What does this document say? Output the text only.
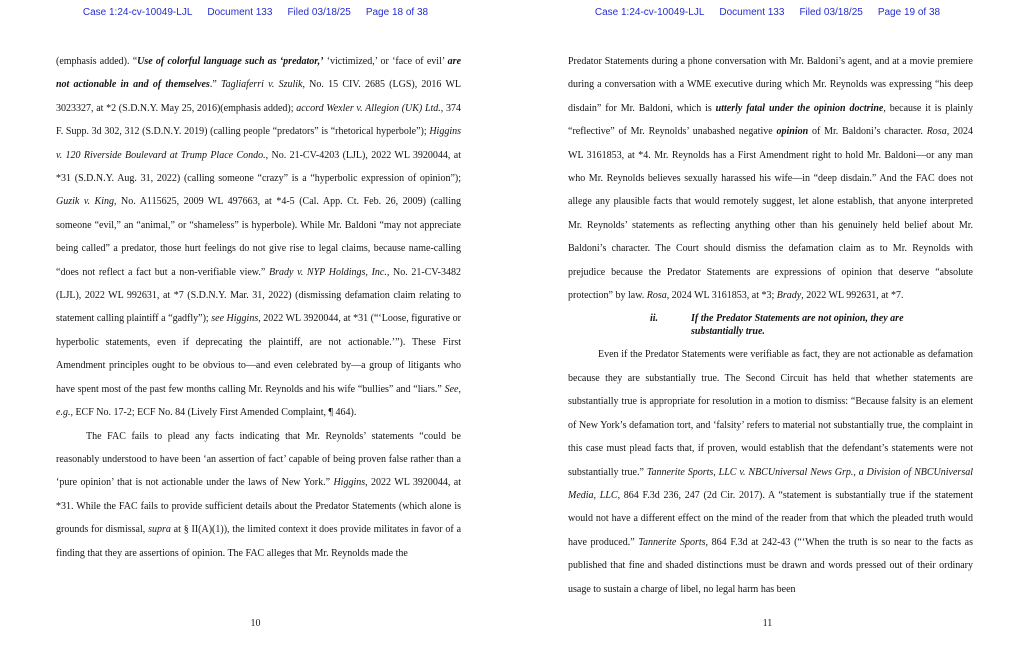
Case 1:24-cv-10049-LJL Document 133 Filed 03/18/25 Page 18 of 38

(emphasis added). “Use of colorful language such as ‘predator,’ ‘victimized,’ or ‘face of evil’ are not actionable in and of themselves.” Tagliaferri v. Szulik, No. 15 CIV. 2685 (LGS), 2016 WL 3023327, at *2 (S.D.N.Y. May 25, 2016)(emphasis added); accord Wexler v. Allegion (UK) Ltd., 374 F. Supp. 3d 302, 312 (S.D.N.Y. 2019) (calling people “predators” is “rhetorical hyperbole”); Higgins v. 120 Riverside Boulevard at Trump Place Condo., No. 21-CV-4203 (LJL), 2022 WL 3920044, at *31 (S.D.N.Y. Aug. 31, 2022) (calling someone “crazy” is a “hyperbolic expression of opinion”); Guzik v. King, No. A115625, 2009 WL 497663, at *4-5 (Cal. App. Ct. Feb. 26, 2009) (calling someone “evil,” an “animal,” or “shameless” is hyperbole). While Mr. Baldoni “may not appreciate being called” a predator, those hurt feelings do not give rise to legal claims, because name-calling “does not reflect a fact but a non-verifiable view.” Brady v. NYP Holdings, Inc., No. 21-CV-3482 (LJL), 2022 WL 992631, at *7 (S.D.N.Y. Mar. 31, 2022) (dismissing defamation claim relating to statement calling plaintiff a “gadfly”); see Higgins, 2022 WL 3920044, at *31 (“‘Loose, figurative or hyperbolic statements, even if deprecating the plaintiff, are not actionable.’”). These First Amendment principles ought to be obvious to—and even celebrated by—a group of litigants who have spent most of the past few months calling Mr. Reynolds and his wife “bullies” and “liars.” See, e.g., ECF No. 17-2; ECF No. 84 (Lively First Amended Complaint, ¶ 464).

The FAC fails to plead any facts indicating that Mr. Reynolds’ statements “could be reasonably understood to have been ‘an assertion of fact’ capable of being proven false rather than a ‘pure opinion’ that is not actionable under the laws of New York.” Higgins, 2022 WL 3920044, at *31. While the FAC fails to provide sufficient details about the Predator Statements (which alone is grounds for dismissal, supra at § II(A)(1)), the limited context it does provide militates in favor of a finding that they are assertions of opinion. The FAC alleges that Mr. Reynolds made the

10
Case 1:24-cv-10049-LJL Document 133 Filed 03/18/25 Page 19 of 38

Predator Statements during a phone conversation with Mr. Baldoni’s agent, and at a movie premiere during a conversation with a WME executive during which Mr. Reynolds was expressing “his deep disdain” for Mr. Baldoni, which is utterly fatal under the opinion doctrine, because it is plainly “reflective” of Mr. Reynolds’ unabashed negative opinion of Mr. Baldoni’s character. Rosa, 2024 WL 3161853, at *4. Mr. Reynolds has a First Amendment right to hold Mr. Baldoni—or any man who Mr. Reynolds believes sexually harassed his wife—in “deep disdain.” And the FAC does not allege any plausible facts that would remotely suggest, let alone establish, that anyone interpreted Mr. Reynolds’ statements as reflecting anything other than his genuinely held belief about Mr. Baldoni’s character. The Court should dismiss the defamation claim as to Mr. Reynolds with prejudice because the Predator Statements are expressions of opinion that deserve “absolute protection” by law. Rosa, 2024 WL 3161853, at *3; Brady, 2022 WL 992631, at *7.

ii.	If the Predator Statements are not opinion, they are substantially true.

Even if the Predator Statements were verifiable as fact, they are not actionable as defamation because they are substantially true. The Second Circuit has held that whether statements are substantially true is appropriate for resolution in a motion to dismiss: “Because falsity is an element of New York’s defamation tort, and ‘falsity’ refers to material not substantially true, the complaint in this case must plead facts that, if proven, would establish that the defendant’s statements were not substantially true.” Tannerite Sports, LLC v. NBCUniversal News Grp., a Division of NBCUniversal Media, LLC, 864 F.3d 236, 247 (2d Cir. 2017). A “statement is substantially true if the statement would not have a different effect on the mind of the reader from that which the pleaded truth would have produced.” Tannerite Sports, 864 F.3d at 242-43 (“‘When the truth is so near to the facts as published that fine and shaded distinctions must be drawn and words pressed out of their ordinary usage to sustain a charge of libel, no legal harm has been

11
